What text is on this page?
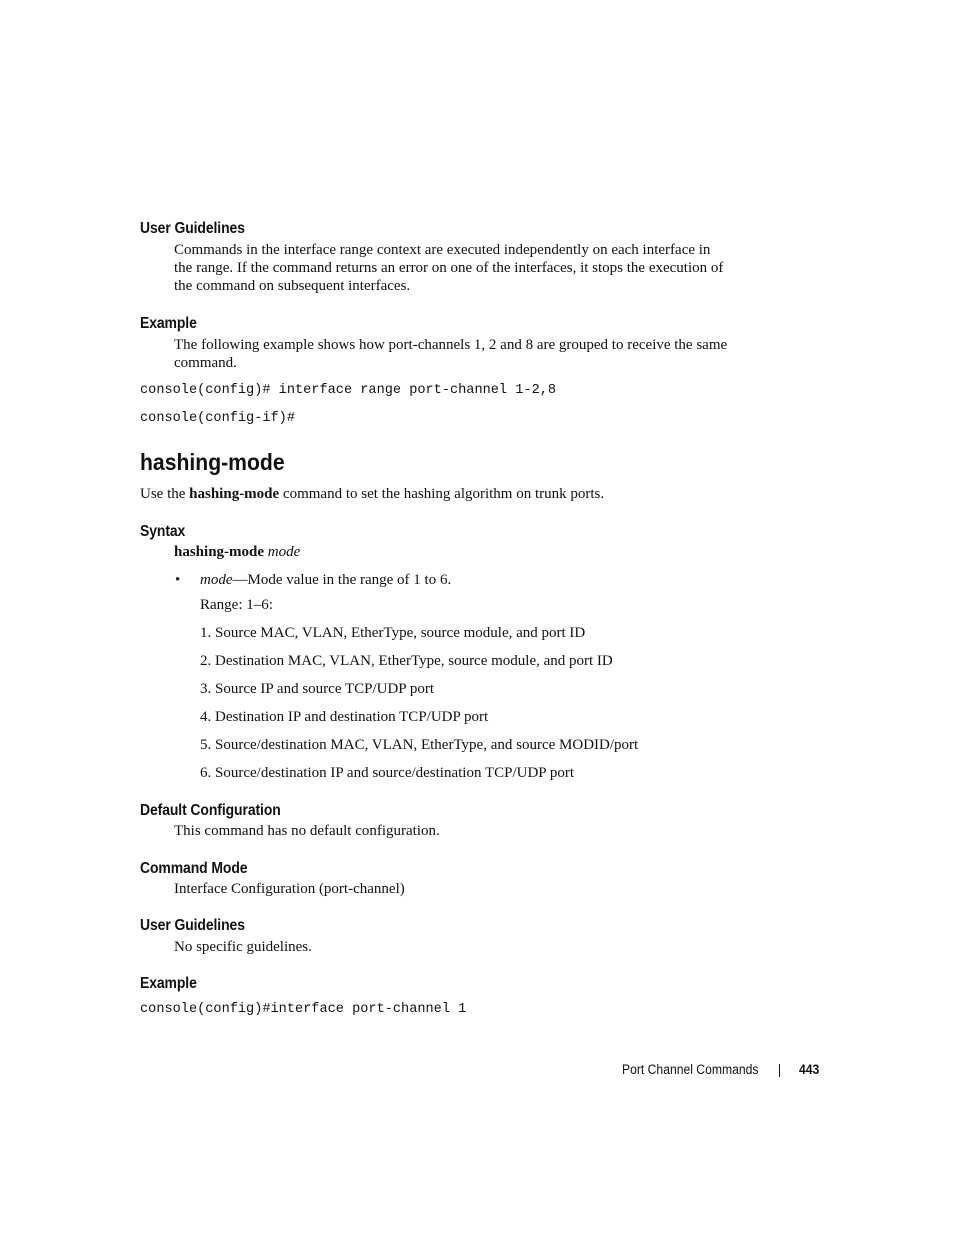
User Guidelines
Commands in the interface range context are executed independently on each interface in
the range. If the command returns an error on one of the interfaces, it stops the execution of
the command on subsequent interfaces.
Example
The following example shows how port-channels 1, 2 and 8 are grouped to receive the same
command.
console(config)# interface range port-channel 1-2,8
console(config-if)#
hashing-mode
Use the hashing-mode command to set the hashing algorithm on trunk ports.
Syntax
hashing-mode mode
• mode—Mode value in the range of 1 to 6.
Range: 1–6:
1. Source MAC, VLAN, EtherType, source module, and port ID
2. Destination MAC, VLAN, EtherType, source module, and port ID
3. Source IP and source TCP/UDP port
4. Destination IP and destination TCP/UDP port
5. Source/destination MAC, VLAN, EtherType, and source MODID/port
6. Source/destination IP and source/destination TCP/UDP port
Default Configuration
This command has no default configuration.
Command Mode
Interface Configuration (port-channel)
User Guidelines
No specific guidelines.
Example
console(config)#interface port-channel 1
Port Channel Commands	443
